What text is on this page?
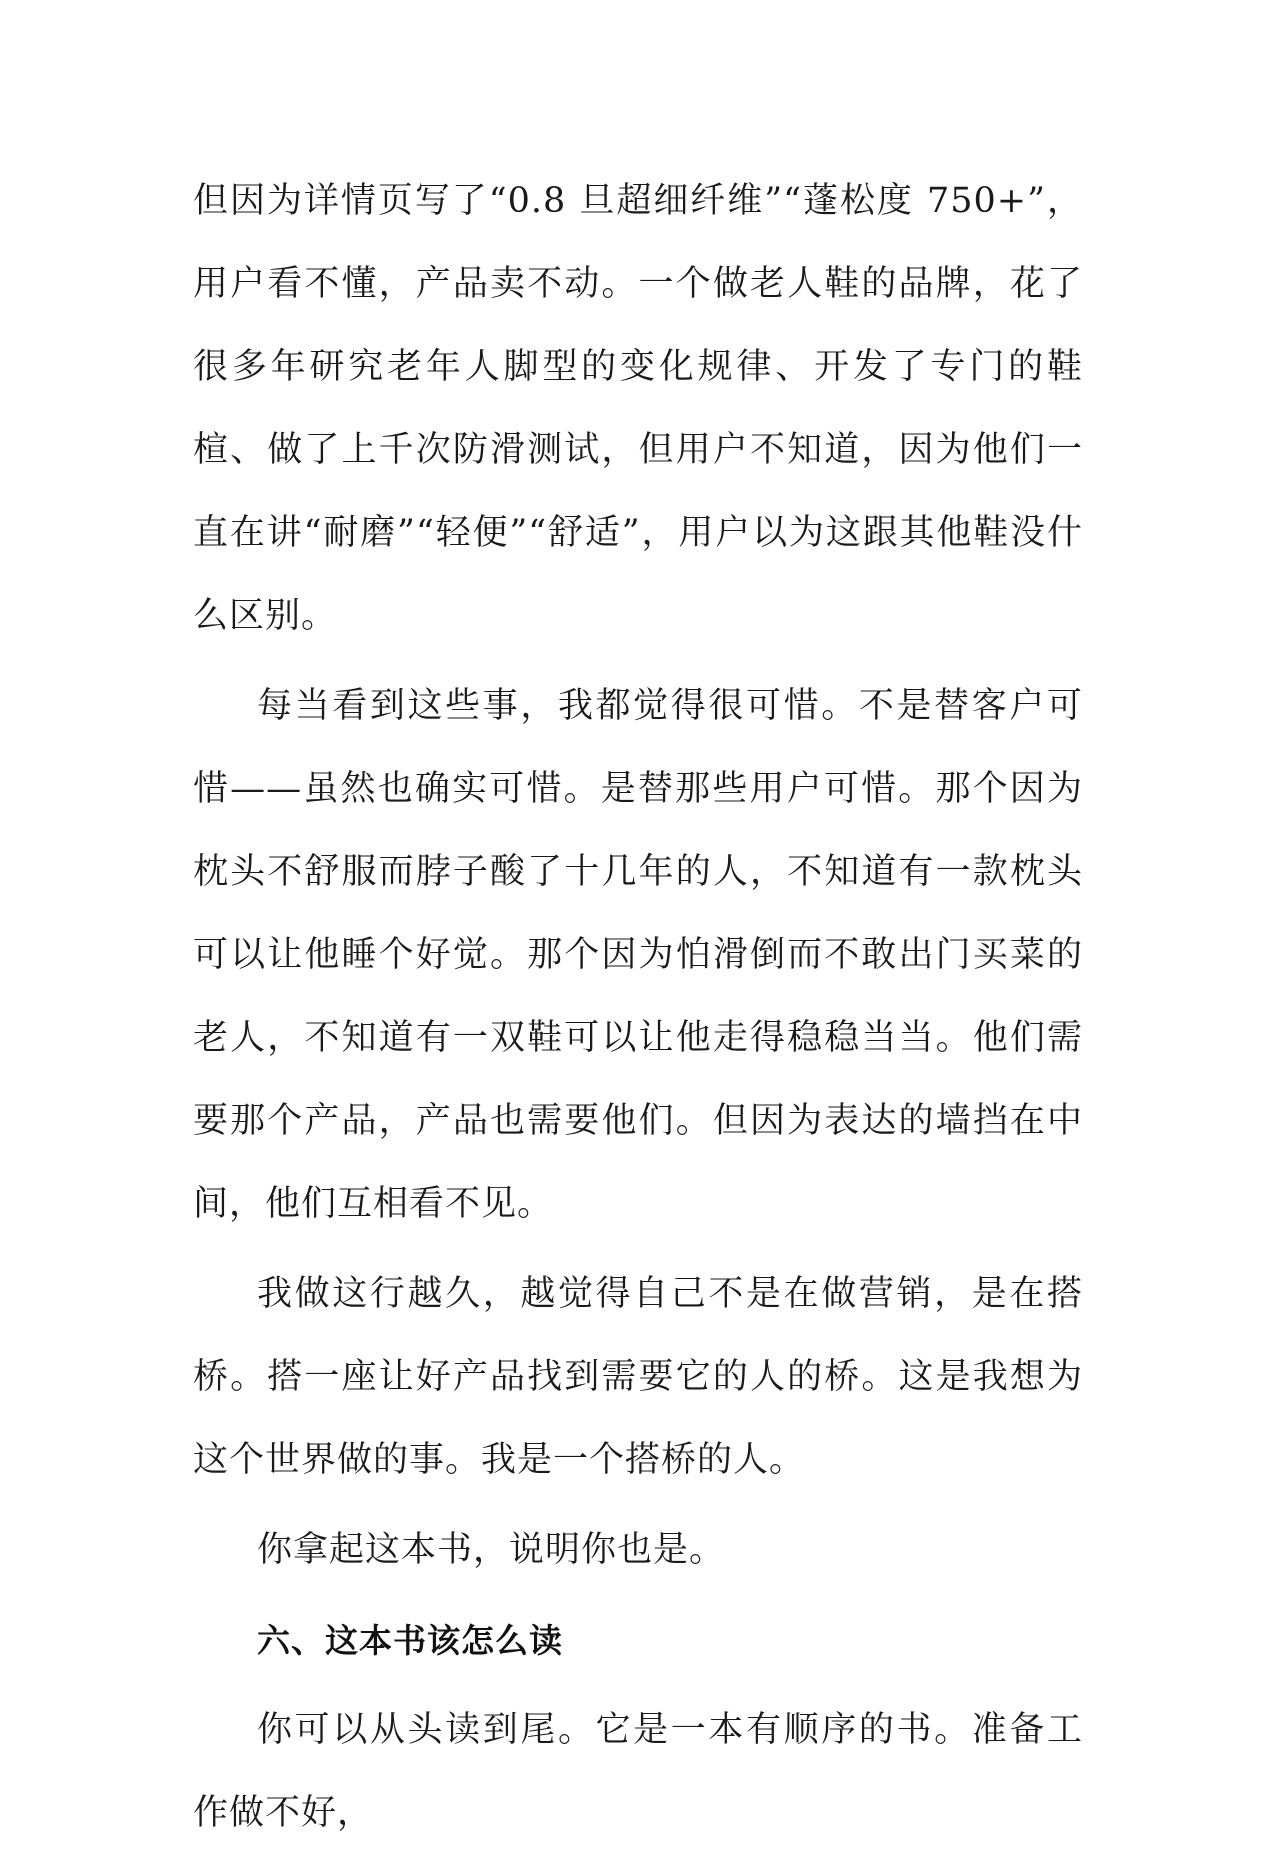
但因为详情页写了“0.8 旦超细纤维”“蓬松度 750+”，用户看不懂，产品卖不动。一个做老人鞋的品牌，花了很多年研究老年人脚型的变化规律、开发了专门的鞋楦、做了上千次防滑测试，但用户不知道，因为他们一直在讲“耐磨”“轻便”“舒适”，用户以为这跟其他鞋没什么区别。

每当看到这些事，我都觉得很可惜。不是替客户可惜——虽然也确实可惜。是替那些用户可惜。那个因为枕头不舒服而脖子酸了十几年的人，不知道有一款枕头可以让他睡个好觉。那个因为怕滑倒而不敢出门买菜的老人，不知道有一双鞋可以让他走得稳稳当当。他们需要那个产品，产品也需要他们。但因为表达的墙挡在中间，他们互相看不见。

我做这行越久，越觉得自己不是在做营销，是在搭桥。搭一座让好产品找到需要它的人的桥。这是我想为这个世界做的事。我是一个搭桥的人。

你拿起这本书，说明你也是。

六、这本书该怎么读

你可以从头读到尾。它是一本有顺序的书。准备工作做不好，
